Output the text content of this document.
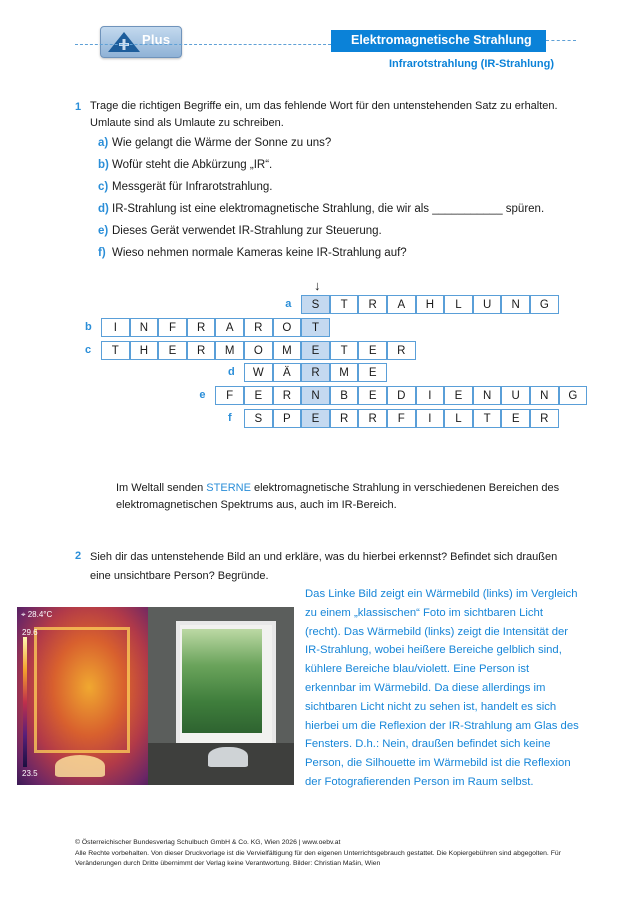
Plus	Elektromagnetische Strahlung
Infrarotstrahlung (IR-Strahlung)
1 Trage die richtigen Begriffe ein, um das fehlende Wort für den untenstehenden Satz zu erhalten. Umlaute sind als Umlaute zu schreiben.
a) Wie gelangt die Wärme der Sonne zu uns?
b) Wofür steht die Abkürzung „IR“.
c) Messgerät für Infrarotstrahlung.
d) IR-Strahlung ist eine elektromagnetische Strahlung, die wir als ___________ spüren.
e) Dieses Gerät verwendet IR-Strahlung zur Steuerung.
f) Wieso nehmen normale Kameras keine IR-Strahlung auf?
↓
a	S	T	R	A	H	L	U	N	G
b	I	N	F	R	A	R	O	T
c	T	H	E	R	M	O	M	E	T	E	R
d	W	Ä	R	M	E
e	F	E	R	N	B	E	D	I	E	N	U	N	G
f	S	P	E	R	R	F	I	L	T	E	R
Im Weltall senden STERNE elektromagnetische Strahlung in verschiedenen Bereichen des elektromagnetischen Spektrums aus, auch im IR-Bereich.
2 Sieh dir das untenstehende Bild an und erkläre, was du hierbei erkennst? Befindet sich draußen eine unsichtbare Person? Begründe.
⌖ 28.4°C
29.6
23.5
Das Linke Bild zeigt ein Wärmebild (links) im Vergleich zu einem „klassischen“ Foto im sichtbaren Licht (recht). Das Wärmebild (links) zeigt die Intensität der IR-Strahlung, wobei heißere Bereiche gelblich sind, kühlere Bereiche blau/violett. Eine Person ist erkennbar im Wärmebild. Da diese allerdings im sichtbaren Licht nicht zu sehen ist, handelt es sich hierbei um die Reflexion der IR-Strahlung am Glas des Fensters. D.h.: Nein, draußen befindet sich keine Person, die Silhouette im Wärmebild ist die Reflexion der Fotografierenden Person im Raum selbst.
© Österreichischer Bundesverlag Schulbuch GmbH & Co. KG, Wien 2026 | www.oebv.at
Alle Rechte vorbehalten. Von dieser Druckvorlage ist die Vervielfältigung für den eigenen Unterrichtsgebrauch gestattet. Die Kopiergebühren sind abgegolten. Für Veränderungen durch Dritte übernimmt der Verlag keine Verantwortung. Bilder: Christian Mašin, Wien
